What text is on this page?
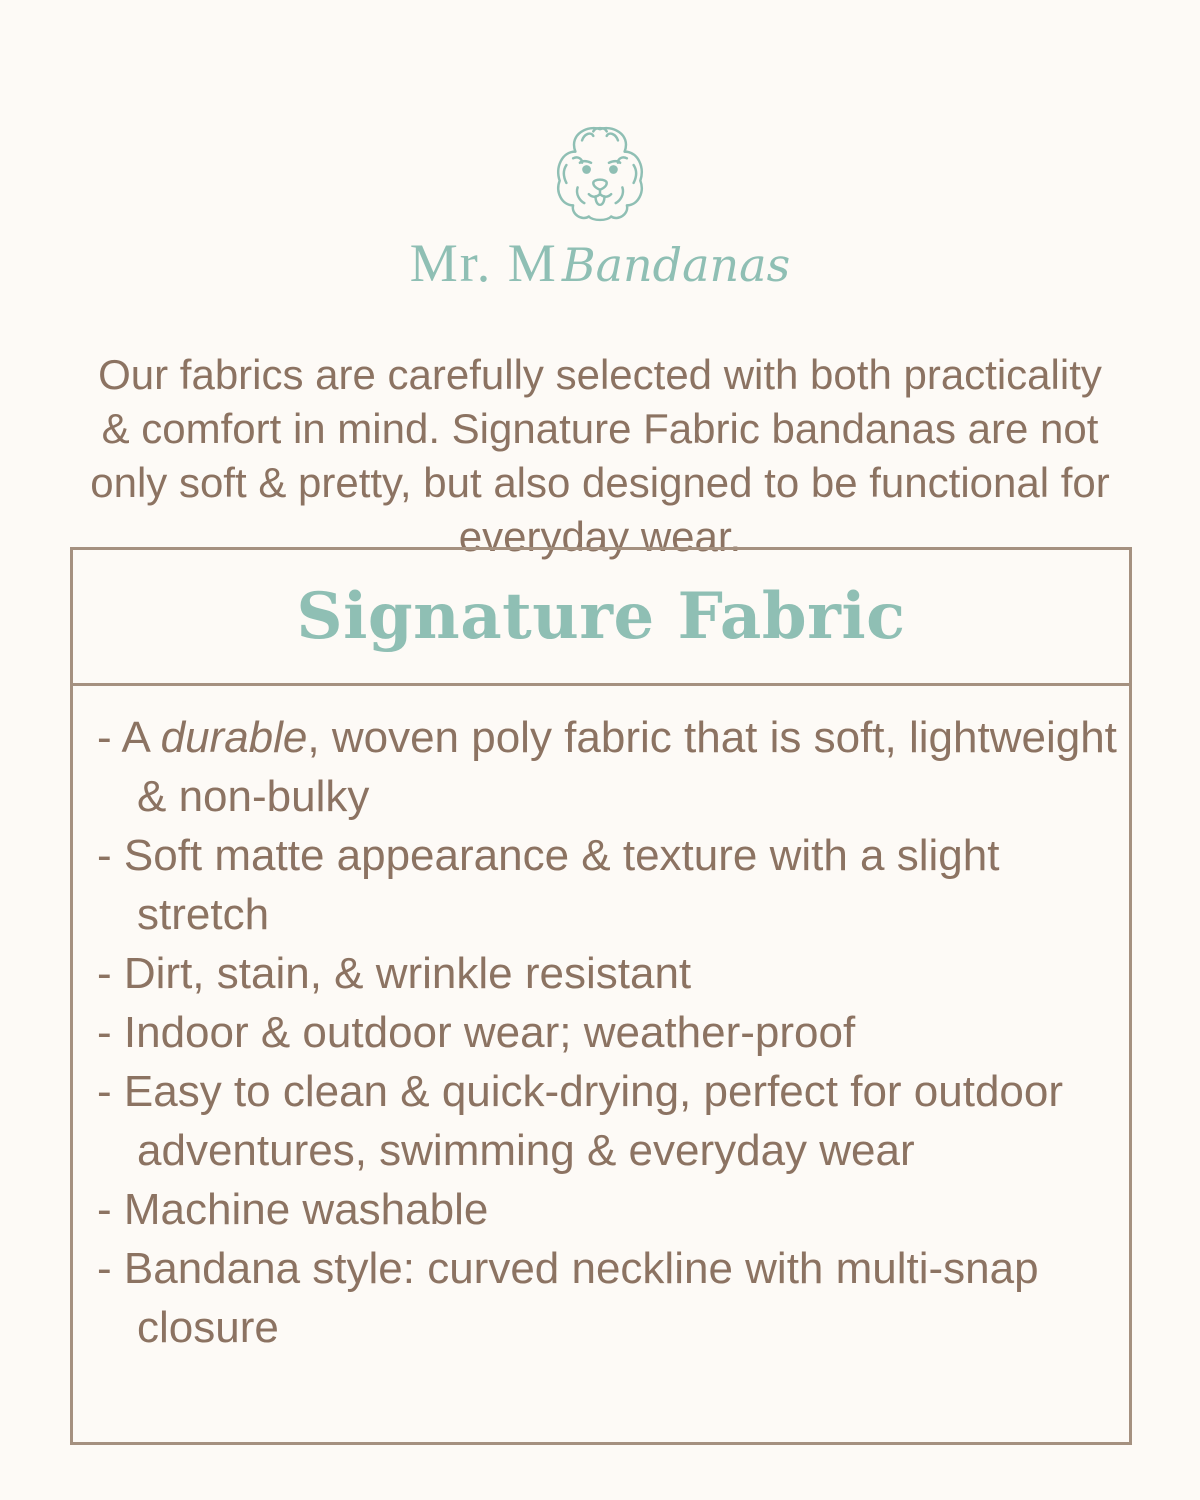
Mr. MBandanas

Our fabrics are carefully selected with both practicality & comfort in mind. Signature Fabric bandanas are not only soft & pretty, but also designed to be functional for everyday wear.

Signature Fabric
- A durable, woven poly fabric that is soft, lightweight & non-bulky
- Soft matte appearance & texture with a slight stretch
- Dirt, stain, & wrinkle resistant
- Indoor & outdoor wear; weather-proof
- Easy to clean & quick-drying, perfect for outdoor adventures, swimming & everyday wear
- Machine washable
- Bandana style: curved neckline with multi-snap closure
